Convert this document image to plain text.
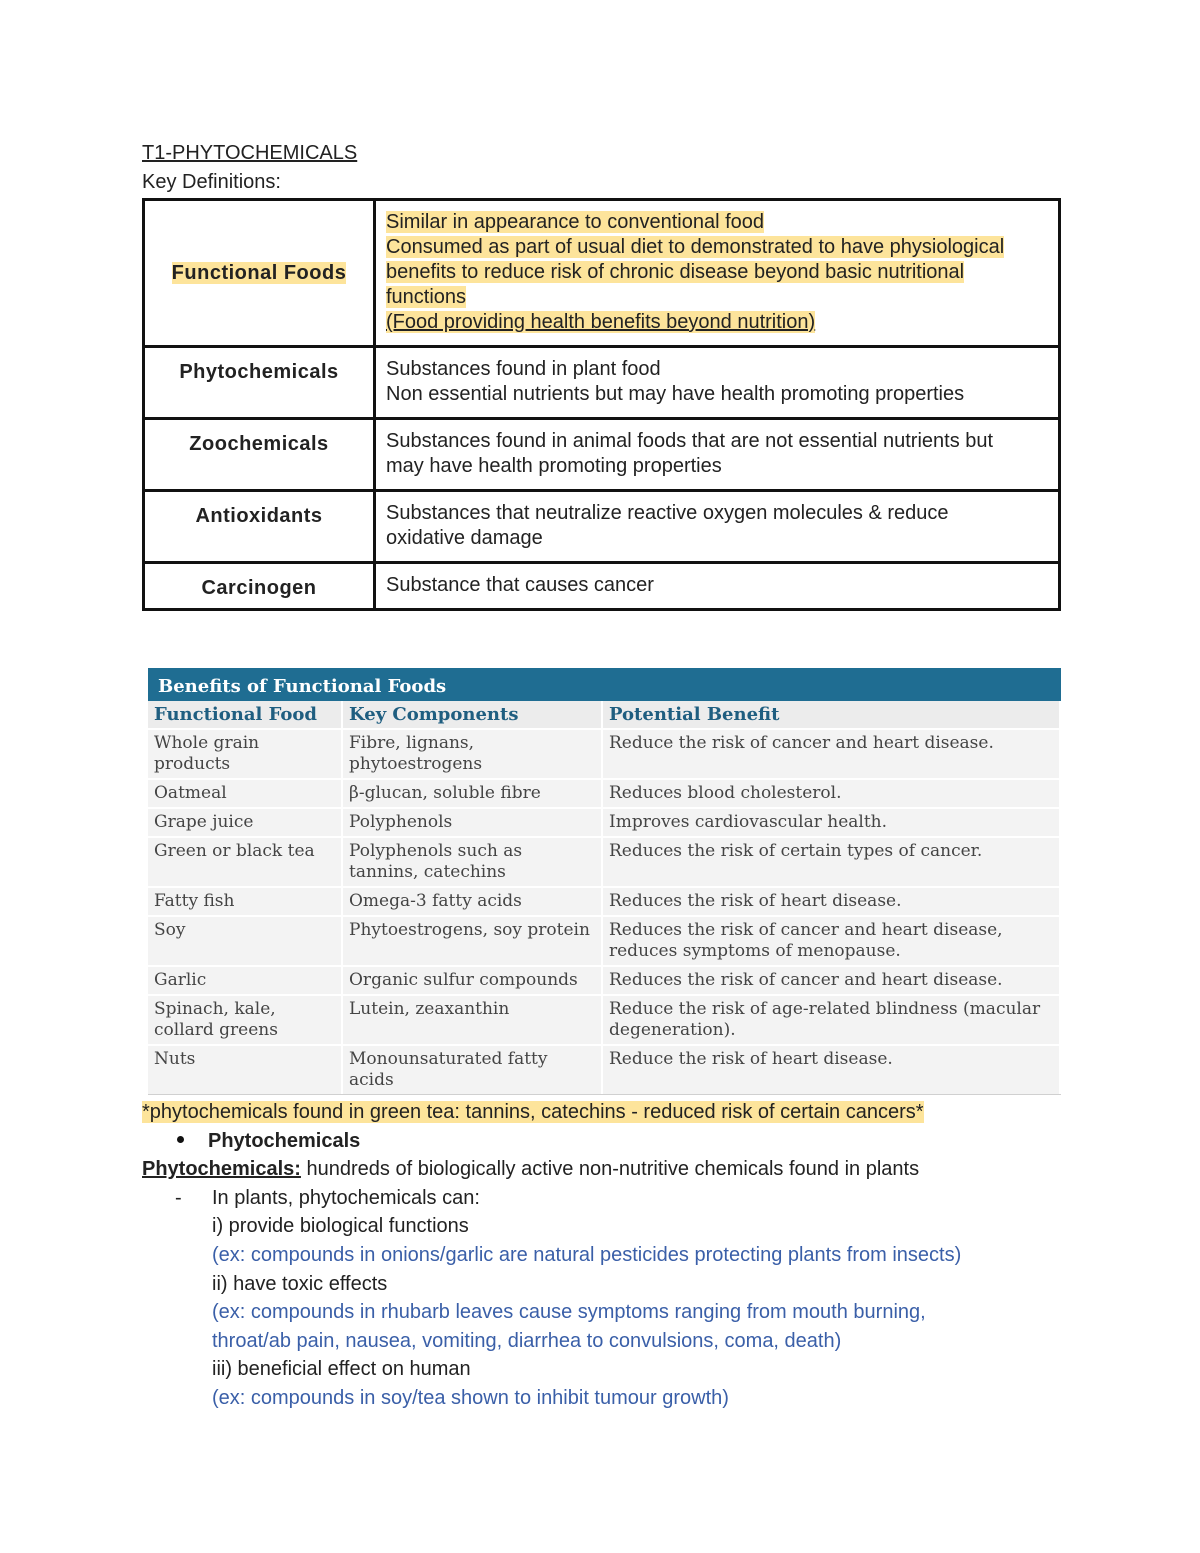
T1-PHYTOCHEMICALS
Key Definitions:
Functional Foods	Similar in appearance to conventional food
Consumed as part of usual diet to demonstrated to have physiological
benefits to reduce risk of chronic disease beyond basic nutritional
functions
(Food providing health benefits beyond nutrition)
Phytochemicals	Substances found in plant food
Non essential nutrients but may have health promoting properties
Zoochemicals	Substances found in animal foods that are not essential nutrients but
may have health promoting properties
Antioxidants	Substances that neutralize reactive oxygen molecules & reduce
oxidative damage
Carcinogen	Substance that causes cancer
Benefits of Functional Foods
Functional Food	Key Components	Potential Benefit
Whole grain products	Fibre, lignans, phytoestrogens	Reduce the risk of cancer and heart disease.
Oatmeal	β-glucan, soluble fibre	Reduces blood cholesterol.
Grape juice	Polyphenols	Improves cardiovascular health.
Green or black tea	Polyphenols such as tannins, catechins	Reduces the risk of certain types of cancer.
Fatty fish	Omega-3 fatty acids	Reduces the risk of heart disease.
Soy	Phytoestrogens, soy protein	Reduces the risk of cancer and heart disease, reduces symptoms of menopause.
Garlic	Organic sulfur compounds	Reduces the risk of cancer and heart disease.
Spinach, kale, collard greens	Lutein, zeaxanthin	Reduce the risk of age-related blindness (macular degeneration).
Nuts	Monounsaturated fatty acids	Reduce the risk of heart disease.
*phytochemicals found in green tea: tannins, catechins - reduced risk of certain cancers*
Phytochemicals
Phytochemicals: hundreds of biologically active non-nutritive chemicals found in plants
- In plants, phytochemicals can:
i) provide biological functions
(ex: compounds in onions/garlic are natural pesticides protecting plants from insects)
ii) have toxic effects
(ex: compounds in rhubarb leaves cause symptoms ranging from mouth burning,
throat/ab pain, nausea, vomiting, diarrhea to convulsions, coma, death)
iii) beneficial effect on human
(ex: compounds in soy/tea shown to inhibit tumour growth)
